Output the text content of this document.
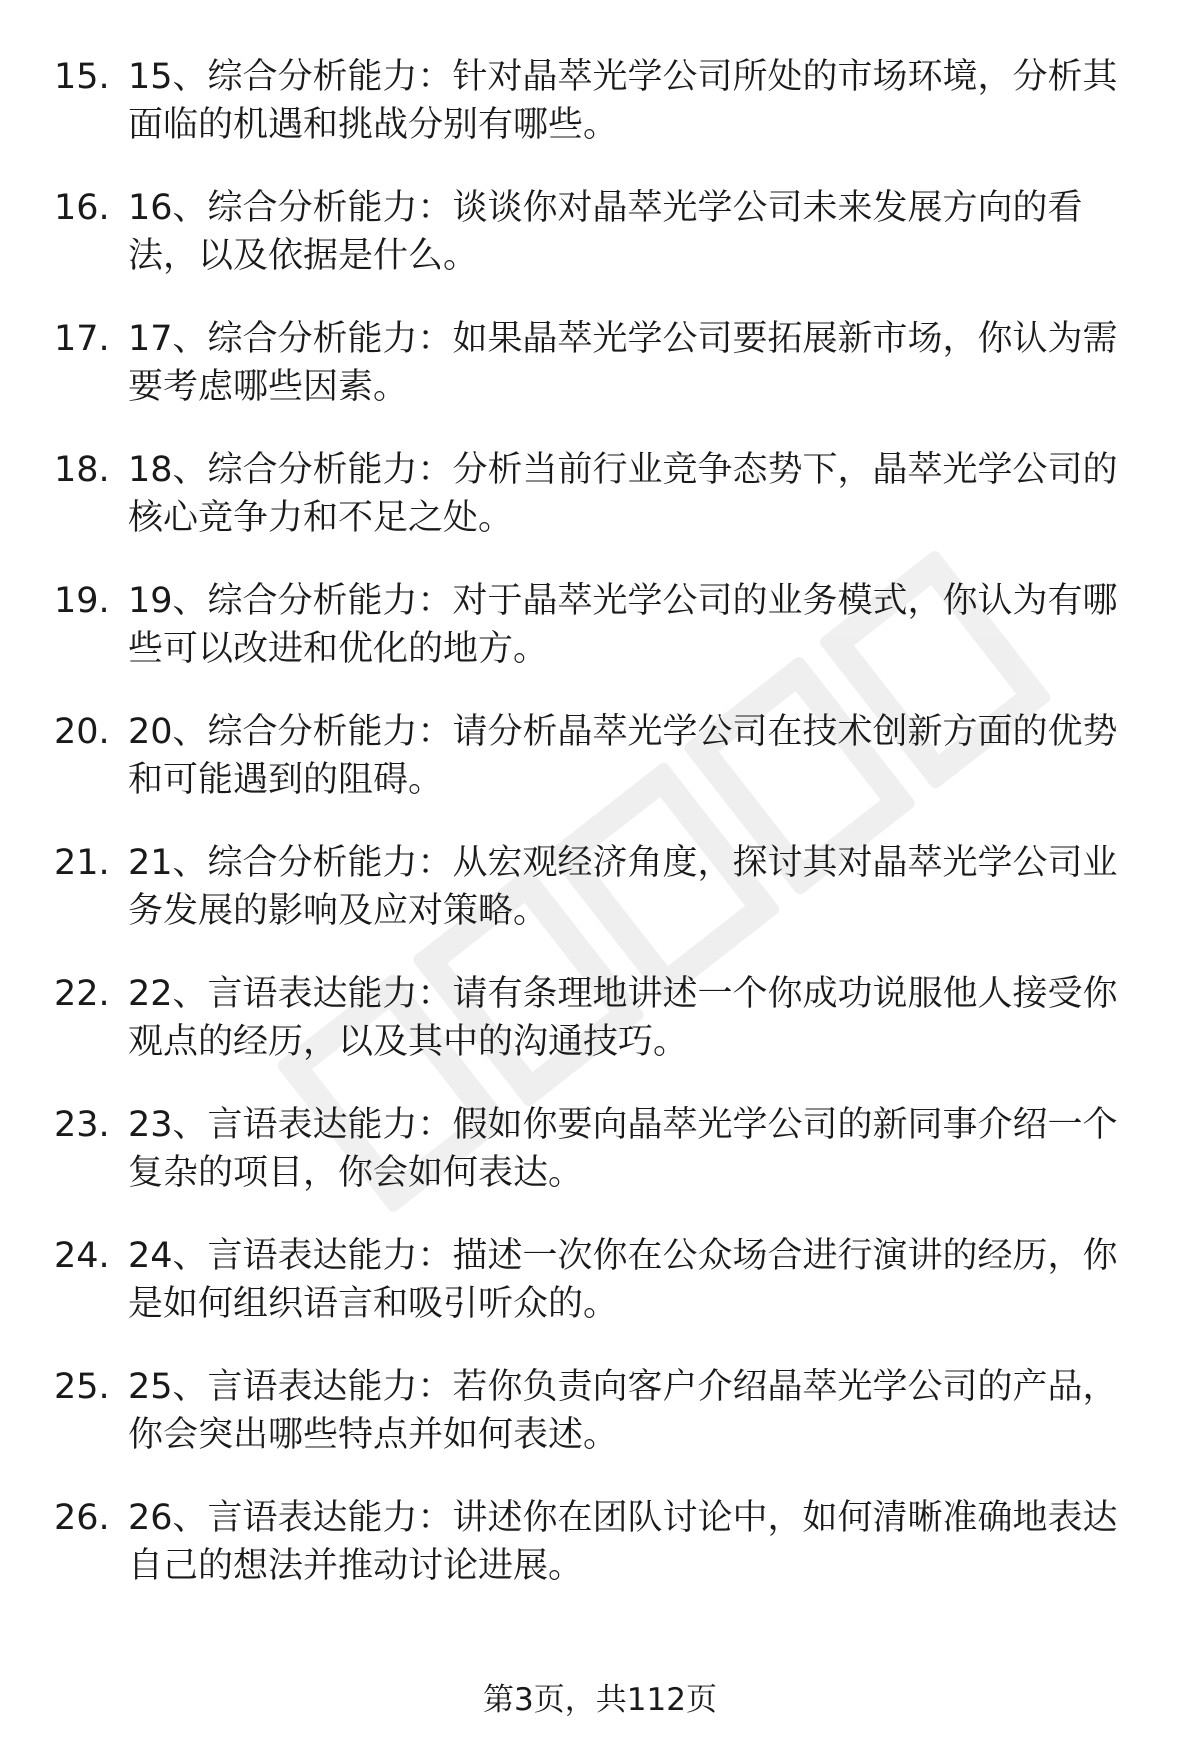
15. 15、综合分析能力：针对晶萃光学公司所处的市场环境，分析其
面临的机遇和挑战分别有哪些。
16. 16、综合分析能力：谈谈你对晶萃光学公司未来发展方向的看
法，以及依据是什么。
17. 17、综合分析能力：如果晶萃光学公司要拓展新市场，你认为需
要考虑哪些因素。
18. 18、综合分析能力：分析当前行业竞争态势下，晶萃光学公司的
核心竞争力和不足之处。
19. 19、综合分析能力：对于晶萃光学公司的业务模式，你认为有哪
些可以改进和优化的地方。
20. 20、综合分析能力：请分析晶萃光学公司在技术创新方面的优势
和可能遇到的阻碍。
21. 21、综合分析能力：从宏观经济角度，探讨其对晶萃光学公司业
务发展的影响及应对策略。
22. 22、言语表达能力：请有条理地讲述一个你成功说服他人接受你
观点的经历，以及其中的沟通技巧。
23. 23、言语表达能力：假如你要向晶萃光学公司的新同事介绍一个
复杂的项目，你会如何表达。
24. 24、言语表达能力：描述一次你在公众场合进行演讲的经历，你
是如何组织语言和吸引听众的。
25. 25、言语表达能力：若你负责向客户介绍晶萃光学公司的产品，
你会突出哪些特点并如何表述。
26. 26、言语表达能力：讲述你在团队讨论中，如何清晰准确地表达
自己的想法并推动讨论进展。
第3页，共112页
